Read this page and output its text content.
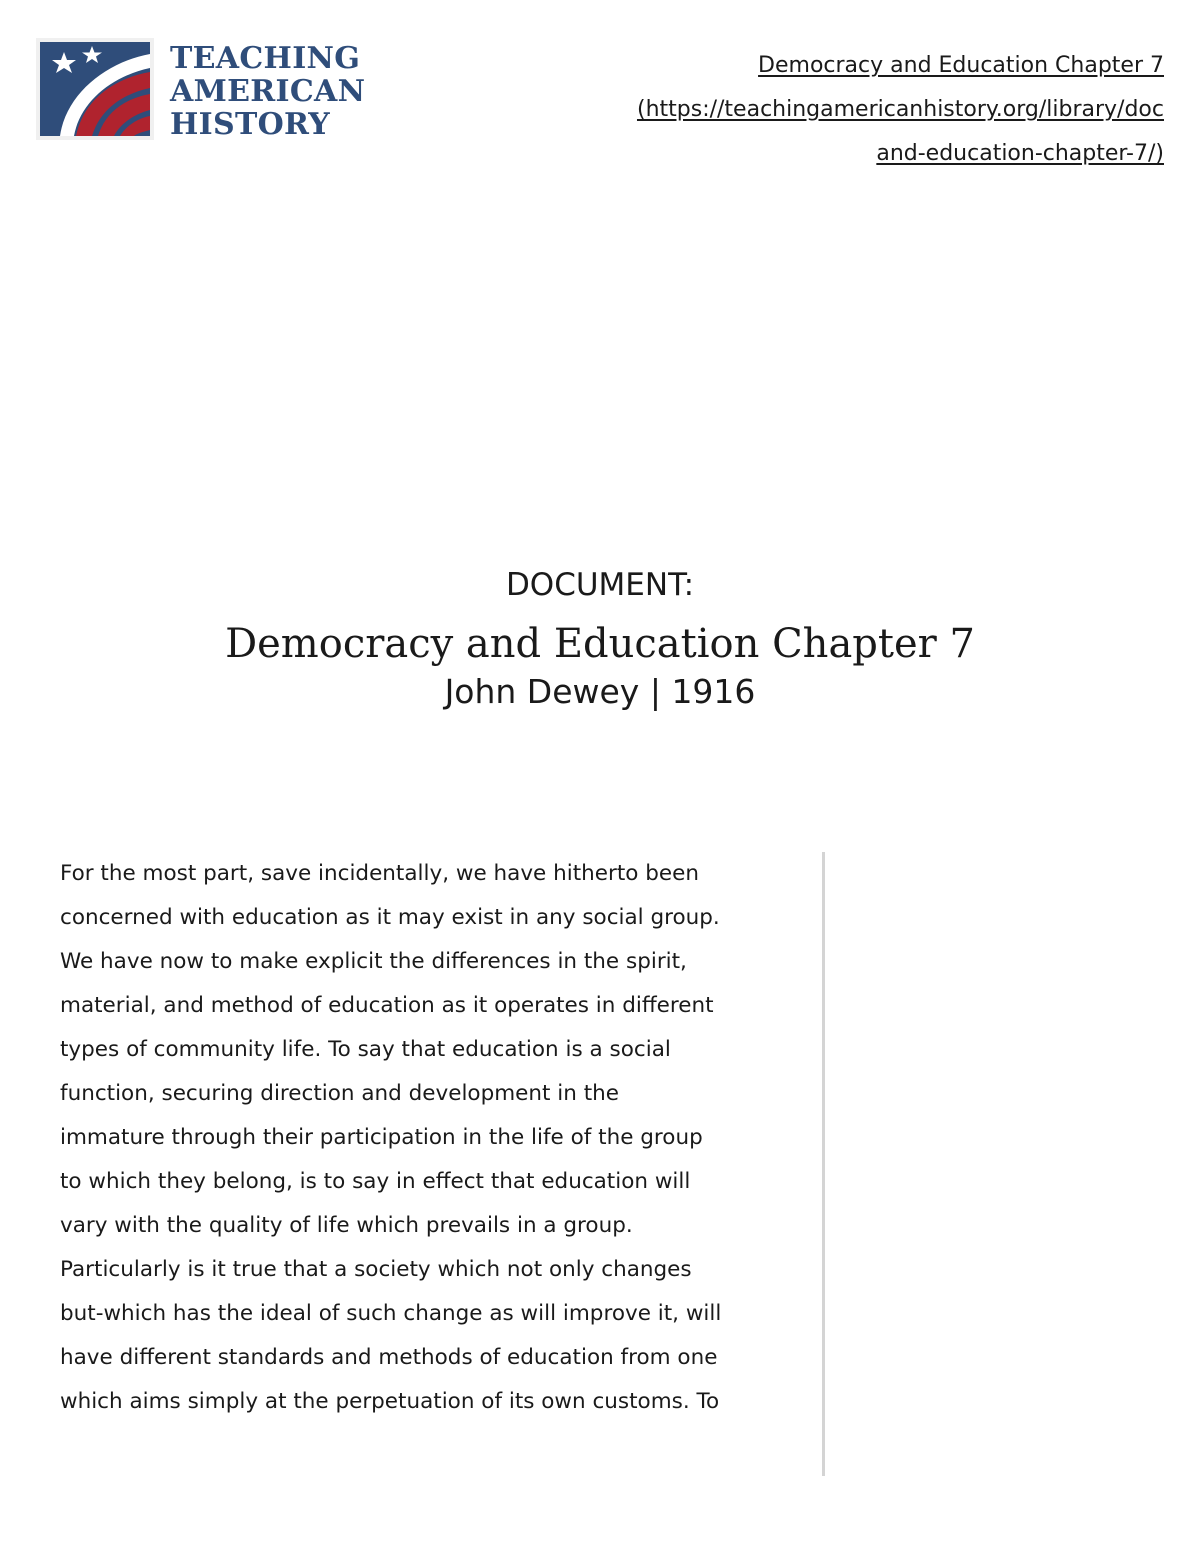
TEACHING
AMERICAN
HISTORY
Democracy and Education Chapter 7
(https://teachingamericanhistory.org/library/doc
and-education-chapter-7/)
DOCUMENT:
Democracy and Education Chapter 7
John Dewey | 1916
For the most part, save incidentally, we have hitherto been
concerned with education as it may exist in any social group.
We have now to make explicit the differences in the spirit,
material, and method of education as it operates in different
types of community life. To say that education is a social
function, securing direction and development in the
immature through their participation in the life of the group
to which they belong, is to say in effect that education will
vary with the quality of life which prevails in a group.
Particularly is it true that a society which not only changes
but-which has the ideal of such change as will improve it, will
have different standards and methods of education from one
which aims simply at the perpetuation of its own customs. To
